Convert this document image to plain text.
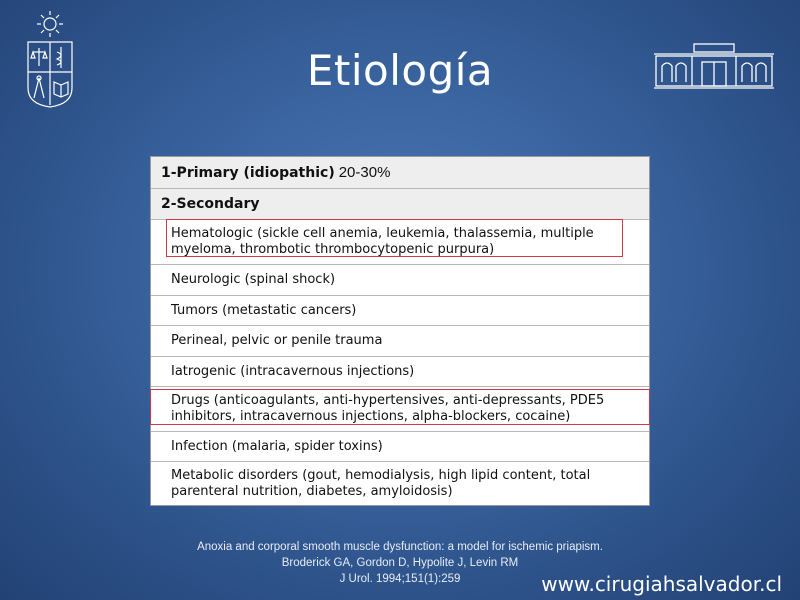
Etiología
1-Primary (idiopathic) 20-30%
2-Secondary
Hematologic (sickle cell anemia, leukemia, thalassemia, multiple
myeloma, thrombotic thrombocytopenic purpura)
Neurologic (spinal shock)
Tumors (metastatic cancers)
Perineal, pelvic or penile trauma
Iatrogenic (intracavernous injections)
Drugs (anticoagulants, anti-hypertensives, anti-depressants, PDE5
inhibitors, intracavernous injections, alpha-blockers, cocaine)
Infection (malaria, spider toxins)
Metabolic disorders (gout, hemodialysis, high lipid content, total
parenteral nutrition, diabetes, amyloidosis)
Anoxia and corporal smooth muscle dysfunction: a model for ischemic priapism.
Broderick GA, Gordon D, Hypolite J, Levin RM
J Urol. 1994;151(1):259	www.cirugiahsalvador.cl
